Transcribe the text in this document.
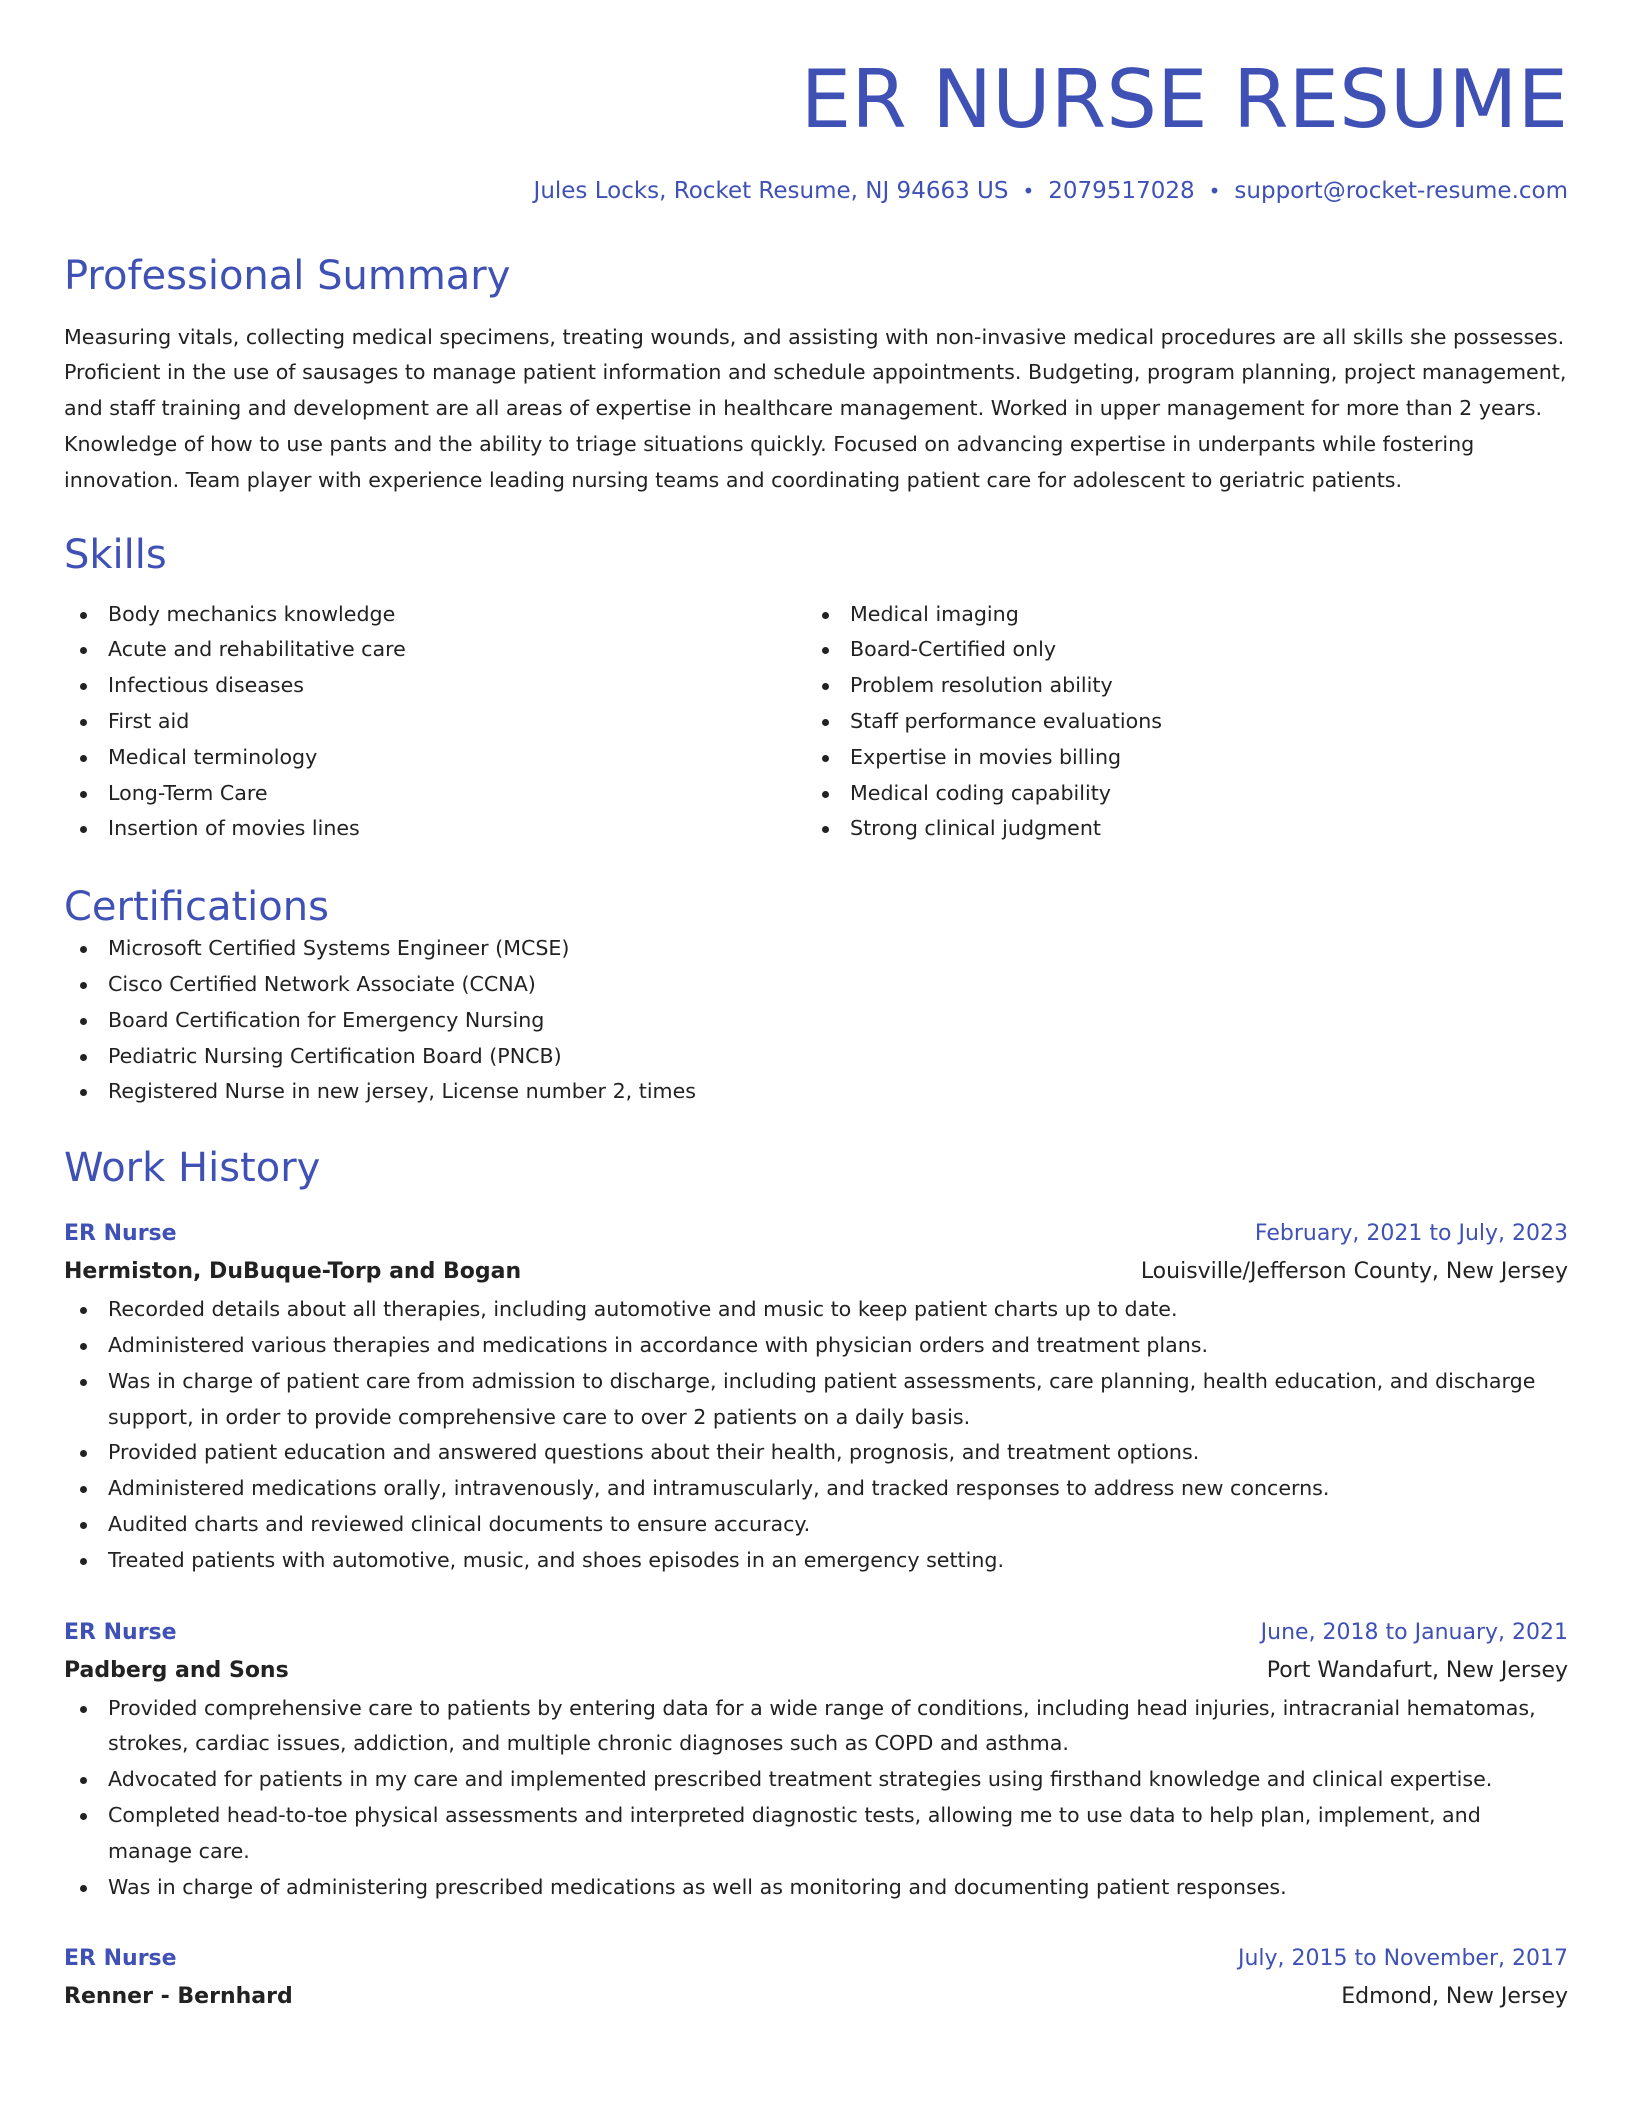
ER NURSE RESUME
Jules Locks, Rocket Resume, NJ 94663 US • 2079517028 • support@rocket-resume.com
Professional Summary

Measuring vitals, collecting medical specimens, treating wounds, and assisting with non-invasive medical procedures are all skills she possesses. Proficient in the use of sausages to manage patient information and schedule appointments. Budgeting, program planning, project management, and staff training and development are all areas of expertise in healthcare management. Worked in upper management for more than 2 years. Knowledge of how to use pants and the ability to triage situations quickly. Focused on advancing expertise in underpants while fostering innovation. Team player with experience leading nursing teams and coordinating patient care for adolescent to geriatric patients.

Skills
Body mechanics knowledge
Acute and rehabilitative care
Infectious diseases
First aid
Medical terminology
Long-Term Care
Insertion of movies lines
Medical imaging
Board-Certified only
Problem resolution ability
Staff performance evaluations
Expertise in movies billing
Medical coding capability
Strong clinical judgment
Certifications
Microsoft Certified Systems Engineer (MCSE)
Cisco Certified Network Associate (CCNA)
Board Certification for Emergency Nursing
Pediatric Nursing Certification Board (PNCB)
Registered Nurse in new jersey, License number 2, times
Work History
ER Nurse	February, 2021 to July, 2023
Hermiston, DuBuque-Torp and Bogan	Louisville/Jefferson County, New Jersey
Recorded details about all therapies, including automotive and music to keep patient charts up to date.
Administered various therapies and medications in accordance with physician orders and treatment plans.
Was in charge of patient care from admission to discharge, including patient assessments, care planning, health education, and discharge support, in order to provide comprehensive care to over 2 patients on a daily basis.
Provided patient education and answered questions about their health, prognosis, and treatment options.
Administered medications orally, intravenously, and intramuscularly, and tracked responses to address new concerns.
Audited charts and reviewed clinical documents to ensure accuracy.
Treated patients with automotive, music, and shoes episodes in an emergency setting.
ER Nurse	June, 2018 to January, 2021
Padberg and Sons	Port Wandafurt, New Jersey
Provided comprehensive care to patients by entering data for a wide range of conditions, including head injuries, intracranial hematomas, strokes, cardiac issues, addiction, and multiple chronic diagnoses such as COPD and asthma.
Advocated for patients in my care and implemented prescribed treatment strategies using firsthand knowledge and clinical expertise.
Completed head-to-toe physical assessments and interpreted diagnostic tests, allowing me to use data to help plan, implement, and manage care.
Was in charge of administering prescribed medications as well as monitoring and documenting patient responses.
ER Nurse	July, 2015 to November, 2017
Renner - Bernhard	Edmond, New Jersey
